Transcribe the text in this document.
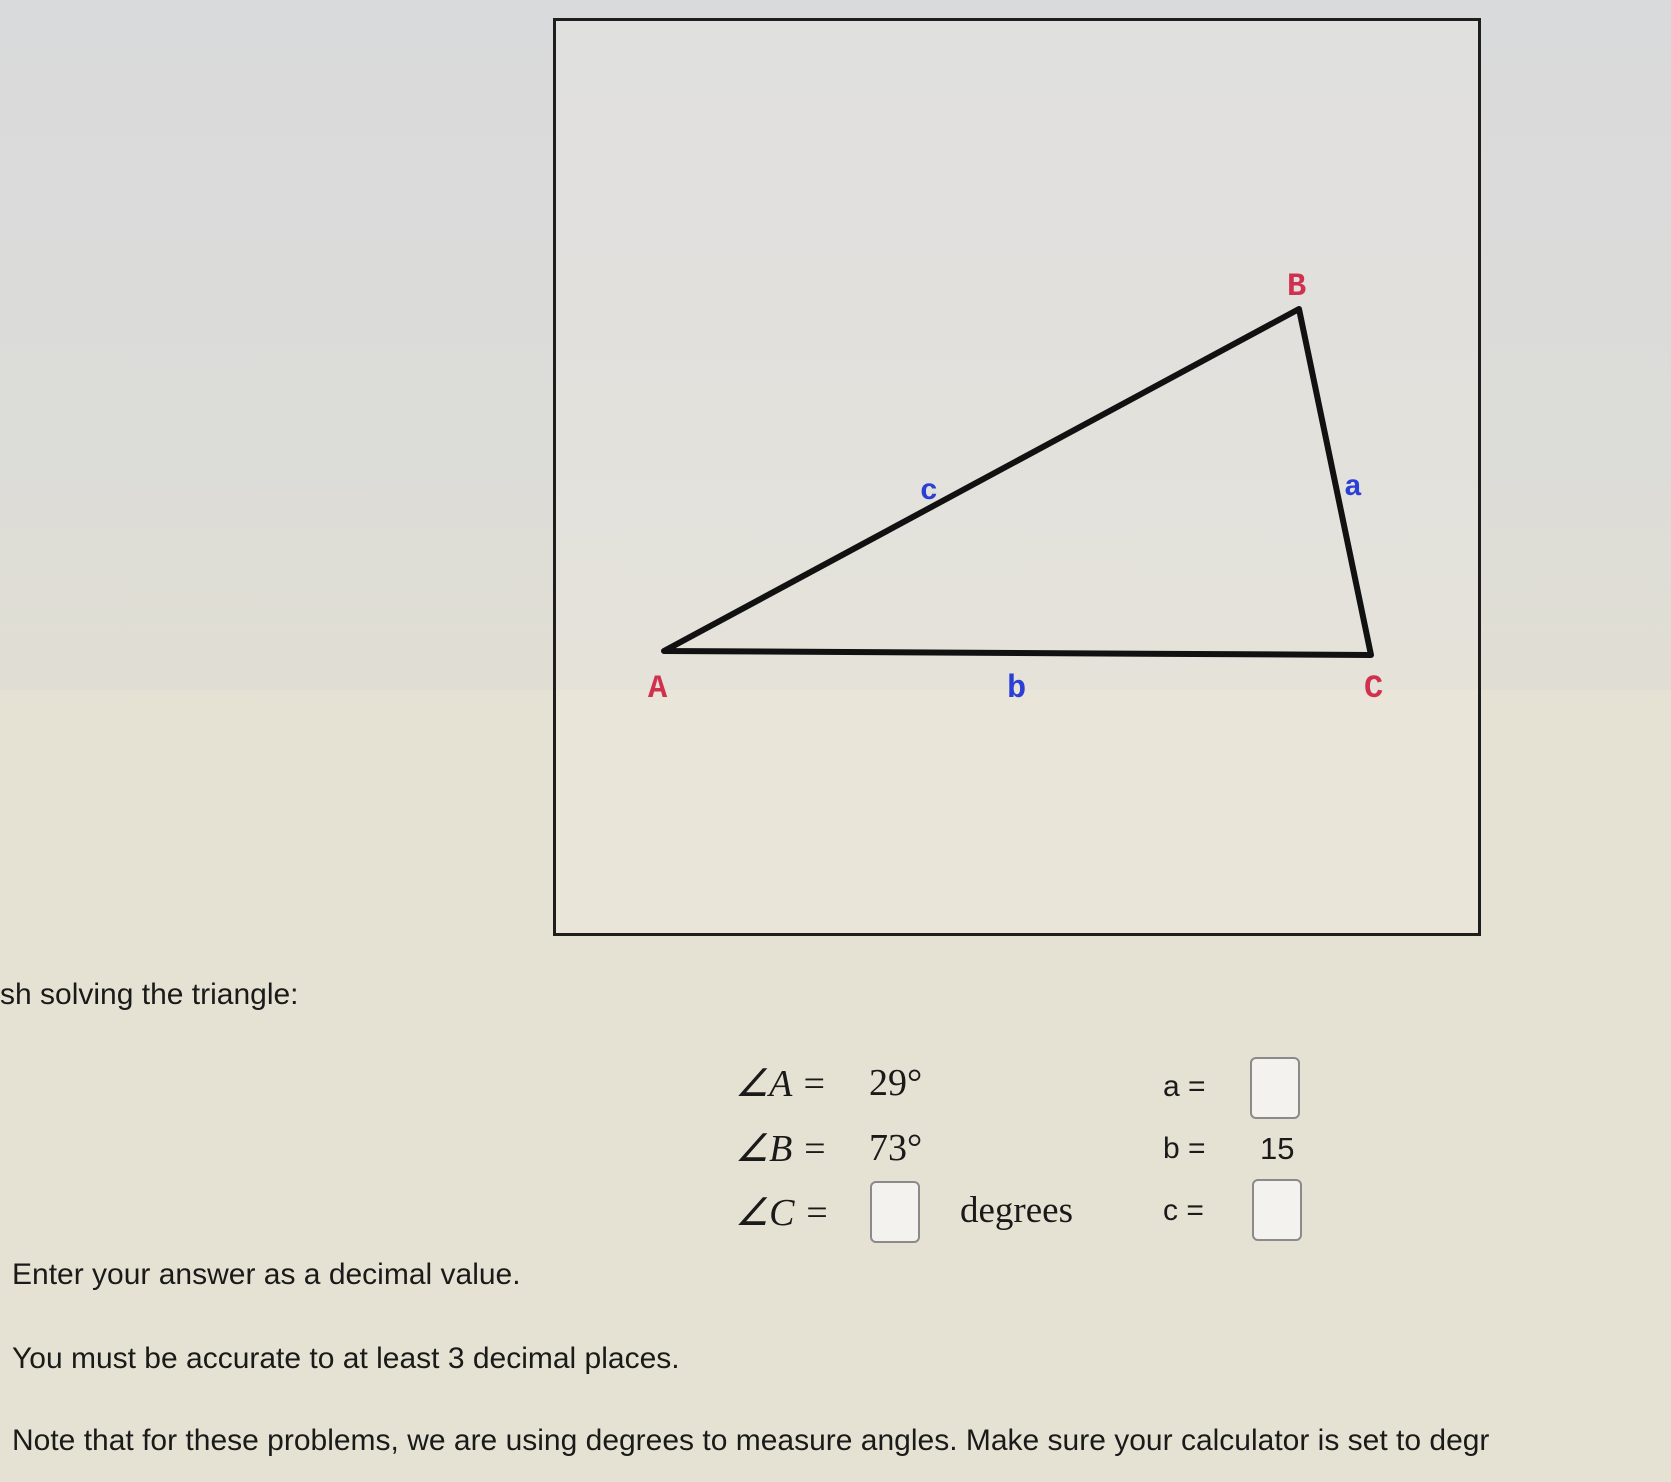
A
B
C
a
b
c
sh solving the triangle:
∠A = 29°
∠B = 73°
∠C =	degrees
a =
b = 15
c =
Enter your answer as a decimal value.
You must be accurate to at least 3 decimal places.
Note that for these problems, we are using degrees to measure angles. Make sure your calculator is set to degr
